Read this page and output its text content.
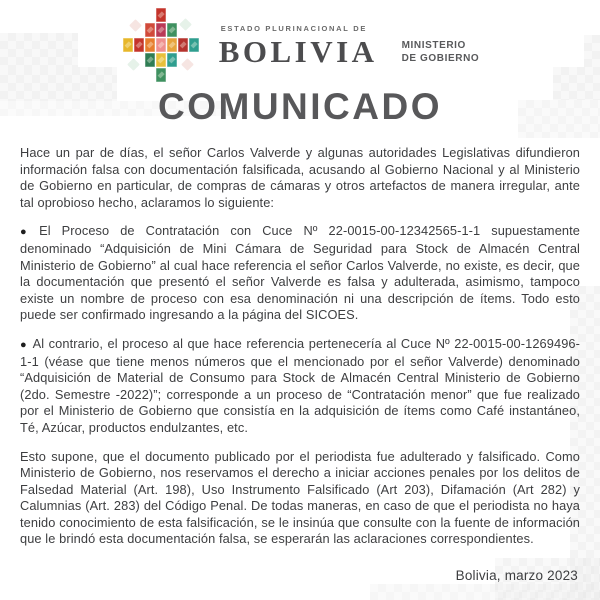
ESTADO PLURINACIONAL DE
BOLIVIA MINISTERIO
DE GOBIERNO
COMUNICADO

Hace un par de días, el señor Carlos Valverde y algunas autoridades Legislativas difundieron información falsa con documentación falsificada, acusando al Gobierno Nacional y al Ministerio de Gobierno en particular, de compras de cámaras y otros artefactos de manera irregular, ante tal oprobioso hecho, aclaramos lo siguiente:

● El Proceso de Contratación con Cuce Nº 22-0015-00-12342565-1-1 supuestamente denominado “Adquisición de Mini Cámara de Seguridad para Stock de Almacén Central Ministerio de Gobierno” al cual hace referencia el señor Carlos Valverde, no existe, es decir, que la documentación que presentó el señor Valverde es falsa y adulterada, asimismo, tampoco existe un nombre de proceso con esa denominación ni una descripción de ítems. Todo esto puede ser confirmado ingresando a la página del SICOES.

● Al contrario, el proceso al que hace referencia pertenecería al Cuce Nº 22-0015-00-1269496-1-1 (véase que tiene menos números que el mencionado por el señor Valverde) denominado “Adquisición de Material de Consumo para Stock de Almacén Central Ministerio de Gobierno (2do. Semestre -2022)”; corresponde a un proceso de “Contratación menor” que fue realizado por el Ministerio de Gobierno que consistía en la adquisición de ítems como Café instantáneo, Té, Azúcar, productos endulzantes, etc.

Esto supone, que el documento publicado por el periodista fue adulterado y falsificado. Como Ministerio de Gobierno, nos reservamos el derecho a iniciar acciones penales por los delitos de Falsedad Material (Art. 198), Uso Instrumento Falsificado (Art 203), Difamación (Art 282) y Calumnias (Art. 283) del Código Penal. De todas maneras, en caso de que el periodista no haya tenido conocimiento de esta falsificación, se le insinúa que consulte con la fuente de información que le brindó esta documentación falsa, se esperarán las aclaraciones correspondientes.

Bolivia, marzo 2023
